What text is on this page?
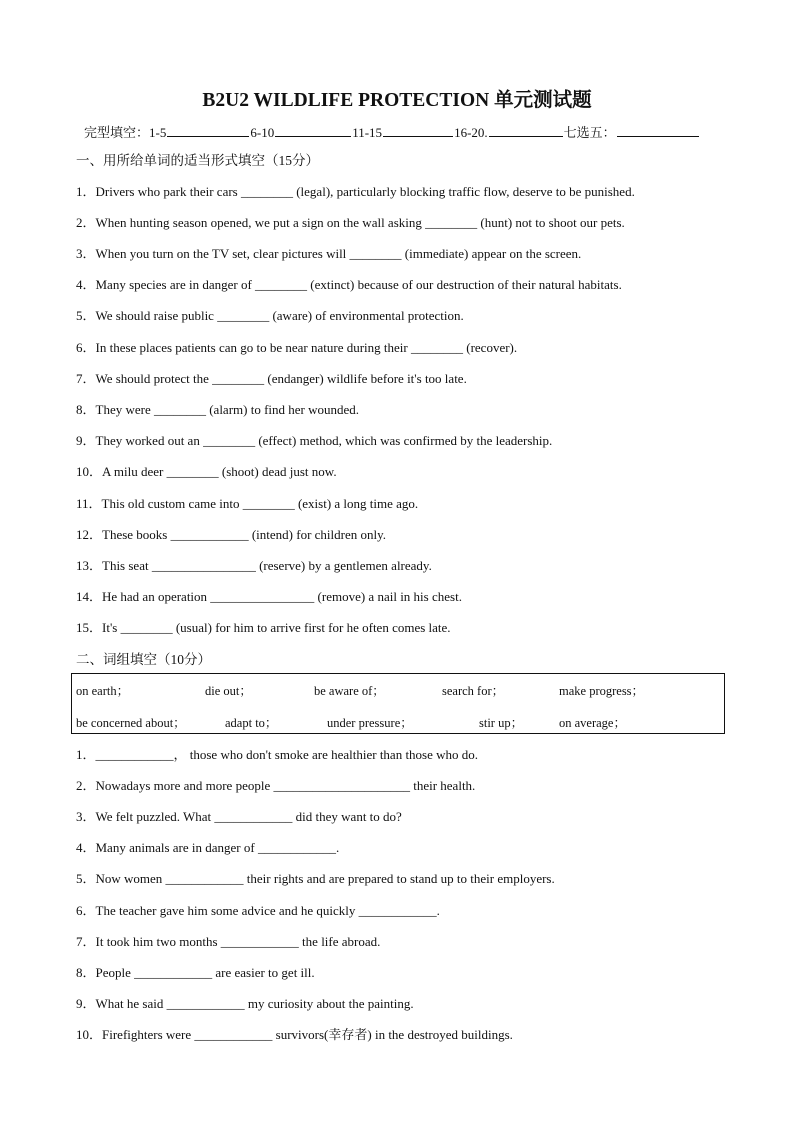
B2U2 WILDLIFE PROTECTION 单元测试题
完型填空：1-5	6-10	11-15	16-20.	七选五：
一、用所给单词的适当形式填空（15分）
1．Drivers who park their cars ________ (legal), particularly blocking traffic flow, deserve to be punished.
2．When hunting season opened, we put a sign on the wall asking ________ (hunt) not to shoot our pets.
3．When you turn on the TV set, clear pictures will ________ (immediate) appear on the screen.
4．Many species are in danger of ________ (extinct) because of our destruction of their natural habitats.
5．We should raise public ________ (aware) of environmental protection.
6．In these places patients can go to be near nature during their ________ (recover).
7．We should protect the ________ (endanger) wildlife before it's too late.
8．They were ________ (alarm) to find her wounded.
9．They worked out an ________ (effect) method, which was confirmed by the leadership.
10．A milu deer ________ (shoot) dead just now.
11．This old custom came into ________ (exist) a long time ago.
12．These books ____________ (intend) for children only.
13．This seat ________________ (reserve) by a gentlemen already.
14．He had an operation ________________ (remove) a nail in his chest.
15．It's ________ (usual) for him to arrive first for he often comes late.
二、词组填空（10分）
on earth；	die out；	be aware of；	search for；	make progress；
be concerned about；	adapt to；	under pressure；	stir up；	on average；
1．____________， those who don't smoke are healthier than those who do.
2．Nowadays more and more people _____________________ their health.
3．We felt puzzled. What ____________ did they want to do?
4．Many animals are in danger of ____________.
5．Now women ____________ their rights and are prepared to stand up to their employers.
6．The teacher gave him some advice and he quickly ____________.
7．It took him two months ____________ the life abroad.
8．People ____________ are easier to get ill.
9．What he said ____________ my curiosity about the painting.
10．Firefighters were ____________ survivors(幸存者) in the destroyed buildings.
